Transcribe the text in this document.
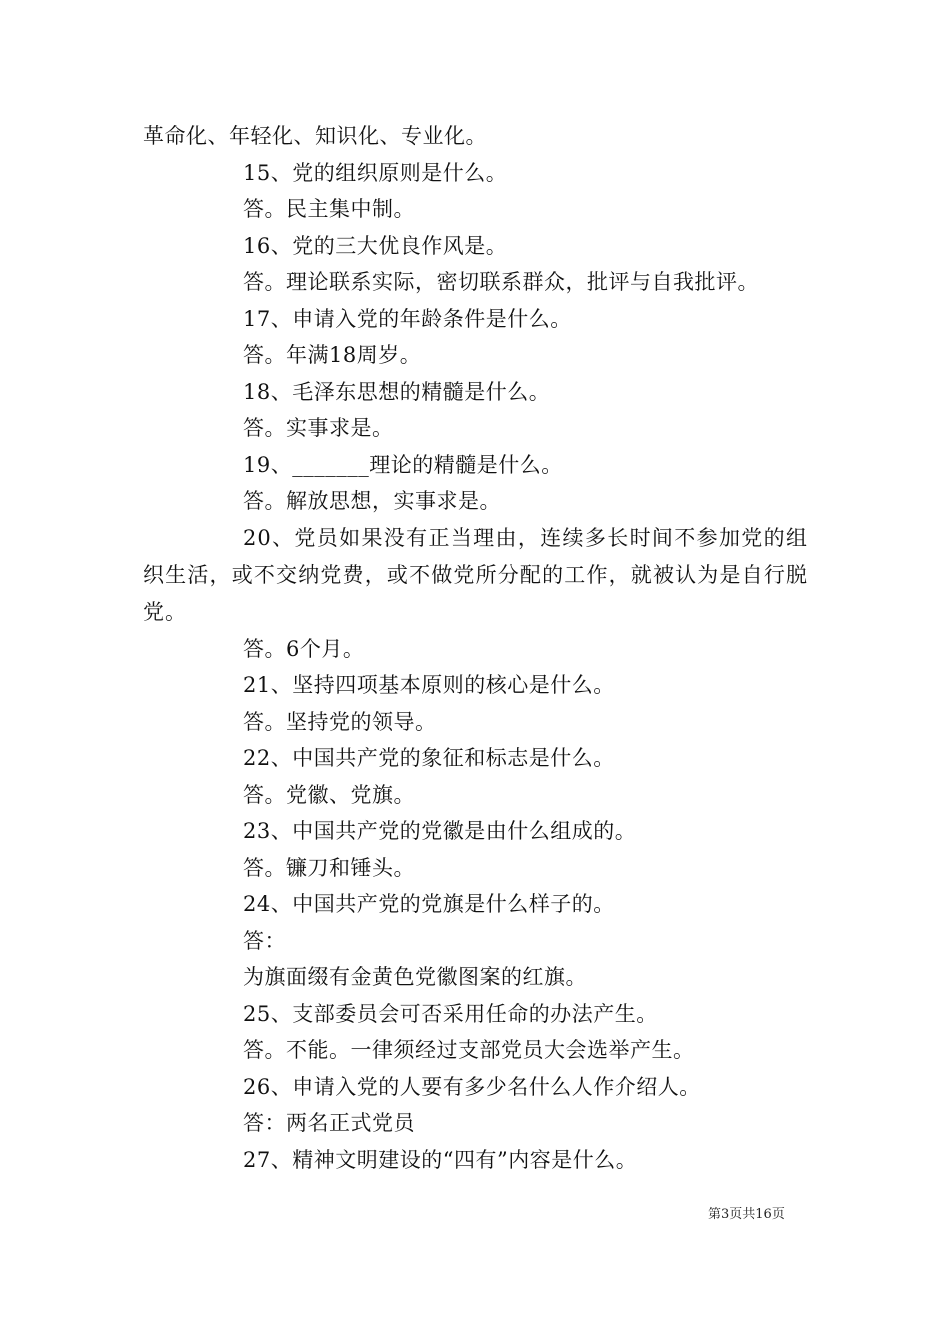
革命化、年轻化、知识化、专业化。
15、党的组织原则是什么。
答。民主集中制。
16、党的三大优良作风是。
答。理论联系实际，密切联系群众，批评与自我批评。
17、申请入党的年龄条件是什么。
答。年满18周岁。
18、毛泽东思想的精髓是什么。
答。实事求是。
19、_______理论的精髓是什么。
答。解放思想，实事求是。
20、党员如果没有正当理由，连续多长时间不参加党的组织生活，或不交纳党费，或不做党所分配的工作，就被认为是自行脱党。
答。6个月。
21、坚持四项基本原则的核心是什么。
答。坚持党的领导。
22、中国共产党的象征和标志是什么。
答。党徽、党旗。
23、中国共产党的党徽是由什么组成的。
答。镰刀和锤头。
24、中国共产党的党旗是什么样子的。
答：
为旗面缀有金黄色党徽图案的红旗。
25、支部委员会可否采用任命的办法产生。
答。不能。一律须经过支部党员大会选举产生。
26、申请入党的人要有多少名什么人作介绍人。
答：两名正式党员
27、精神文明建设的“四有”内容是什么。
第3页共16页
